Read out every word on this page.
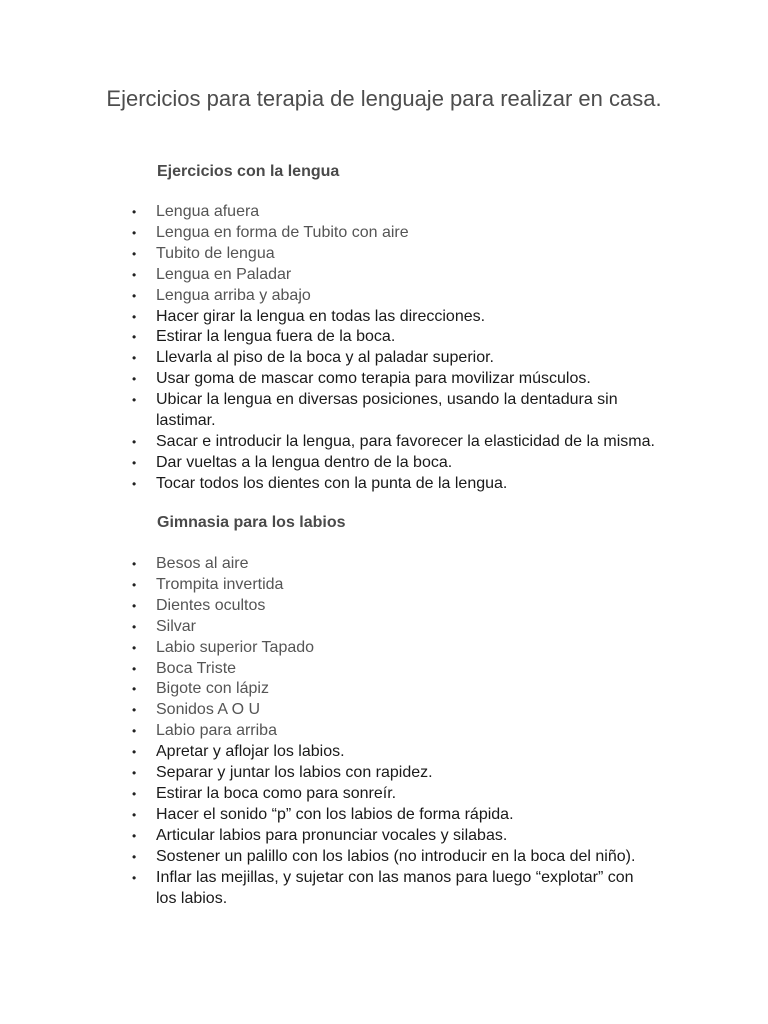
Ejercicios para terapia de lenguaje para realizar en casa.
Ejercicios con la lengua
• Lengua afuera
• Lengua en forma de Tubito con aire
• Tubito de lengua
• Lengua en Paladar
• Lengua arriba y abajo
• Hacer girar la lengua en todas las direcciones.
• Estirar la lengua fuera de la boca.
• Llevarla al piso de la boca y al paladar superior.
• Usar goma de mascar como terapia para movilizar músculos.
• Ubicar la lengua en diversas posiciones, usando la dentadura sin lastimar.
• Sacar e introducir la lengua, para favorecer la elasticidad de la misma.
• Dar vueltas a la lengua dentro de la boca.
• Tocar todos los dientes con la punta de la lengua.
Gimnasia para los labios
• Besos al aire
• Trompita invertida
• Dientes ocultos
• Silvar
• Labio superior Tapado
• Boca Triste
• Bigote con lápiz
• Sonidos A O U
• Labio para arriba
• Apretar y aflojar los labios.
• Separar y juntar los labios con rapidez.
• Estirar la boca como para sonreír.
• Hacer el sonido “p” con los labios de forma rápida.
• Articular labios para pronunciar vocales y silabas.
• Sostener un palillo con los labios (no introducir en la boca del niño).
• Inflar las mejillas, y sujetar con las manos para luego “explotar” con los labios.
